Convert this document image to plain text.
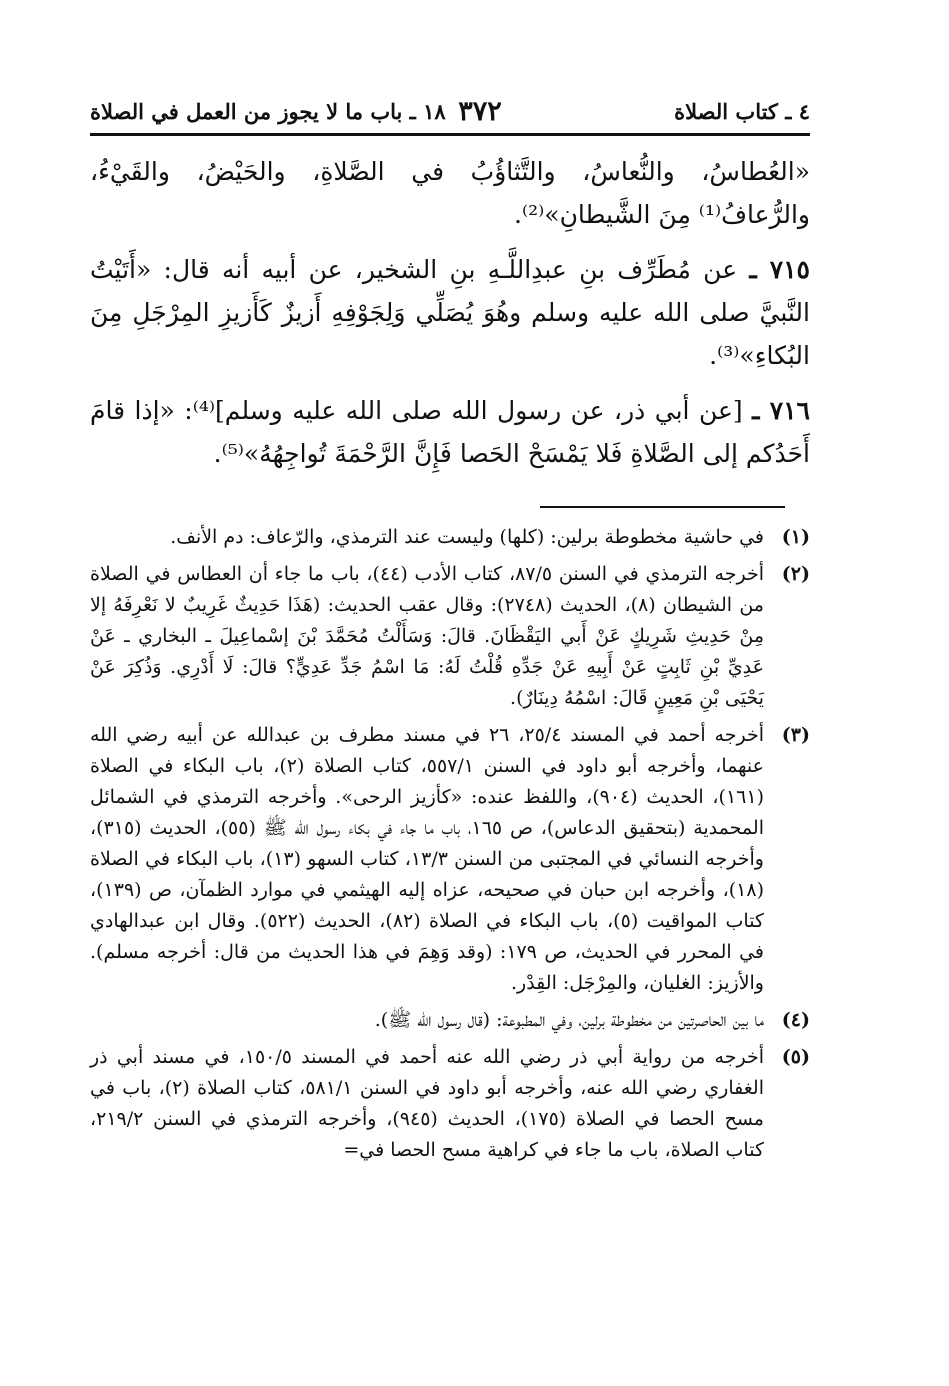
٤ ـ كتاب الصلاة
٣٧٢
١٨ ـ باب ما لا يجوز من العمل في الصلاة

«العُطاسُ، والنُّعاسُ، والتَّثاؤُبُ في الصَّلاةِ، والحَيْضُ، والقَيْءُ، والرُّعافُ⁽¹⁾ مِنَ الشَّيطانِ»⁽²⁾.

٧١٥ ـ عن مُطَرِّف بنِ عبدِاللَّـهِ بنِ الشخير، عن أبيه أنه قال: «أَتَيْتُ النَّبيَّ صلى الله عليه وسلم وهُوَ يُصَلِّي وَلِجَوْفِهِ أَزيزٌ كَأَزيزِ المِرْجَلِ مِنَ البُكاءِ»⁽³⁾.

٧١٦ ـ [عن أبي ذر، عن رسول الله صلى الله عليه وسلم]⁽⁴⁾: «إذا قامَ أَحَدُكم إلى الصَّلاةِ فَلا يَمْسَحْ الحَصا فَإِنَّ الرَّحْمَةَ تُواجِهُهُ»⁽⁵⁾.

(١)
في حاشية مخطوطة برلين: (كلها) وليست عند الترمذي، والرّعاف: دم الأنف.
(٢)
أخرجه الترمذي في السنن ٨٧/٥، كتاب الأدب (٤٤)، باب ما جاء أن العطاس في الصلاة من الشيطان (٨)، الحديث (٢٧٤٨): وقال عقب الحديث: (هَذَا حَدِيثٌ غَرِيبٌ لا نَعْرِفَهُ إلا مِنْ حَدِيثِ شَرِيكٍ عَنْ أَبي اليَقْظَانَ. قالَ: وَسَأَلْتُ مُحَمَّدَ بْنَ إسْماعِيلَ ـ البخاري ـ عَنْ عَدِيِّ بْنِ ثَابِتٍ عَنْ أَبِيهِ عَنْ جَدِّهِ قُلْتُ لَهُ: مَا اسْمُ جَدِّ عَدِيٍّ؟ قالَ: لَا أَدْرِي. وَذُكِرَ عَنْ يَحْيَى بْنِ مَعِينٍ قَالَ: اسْمُهُ دِينَارٌ).
(٣)
أخرجه أحمد في المسند ٢٥/٤، ٢٦ في مسند مطرف بن عبدالله عن أبيه رضي الله عنهما، وأخرجه أبو داود في السنن ٥٥٧/١، كتاب الصلاة (٢)، باب البكاء في الصلاة (١٦١)، الحديث (٩٠٤)، واللفظ عنده: «كأزيز الرحى». وأخرجه الترمذي في الشمائل المحمدية (بتحقيق الدعاس)، ص ١٦٥، باب ما جاء في بكاء رسول الله ﷺ (٥٥)، الحديث (٣١٥)، وأخرجه النسائي في المجتبى من السنن ١٣/٣، كتاب السهو (١٣)، باب البكاء في الصلاة (١٨)، وأخرجه ابن حبان في صحيحه، عزاه إليه الهيثمي في موارد الظمآن، ص (١٣٩)، كتاب المواقيت (٥)، باب البكاء في الصلاة (٨٢)، الحديث (٥٢٢). وقال ابن عبدالهادي في المحرر في الحديث، ص ١٧٩: (وقد وَهِمَ في هذا الحديث من قال: أخرجه مسلم). والأزيز: الغليان، والمِرْجَل: القِدْر.
(٤)
ما بين الحاصرتين من مخطوطة برلين، وفي المطبوعة: (قال رسول الله ﷺ).
(٥)
أخرجه من رواية أبي ذر رضي الله عنه أحمد في المسند ١٥٠/٥، في مسند أبي ذر الغفاري رضي الله عنه، وأخرجه أبو داود في السنن ٥٨١/١، كتاب الصلاة (٢)، باب في مسح الحصا في الصلاة (١٧٥)، الحديث (٩٤٥)، وأخرجه الترمذي في السنن ٢١٩/٢، كتاب الصلاة، باب ما جاء في كراهية مسح الحصا في=
